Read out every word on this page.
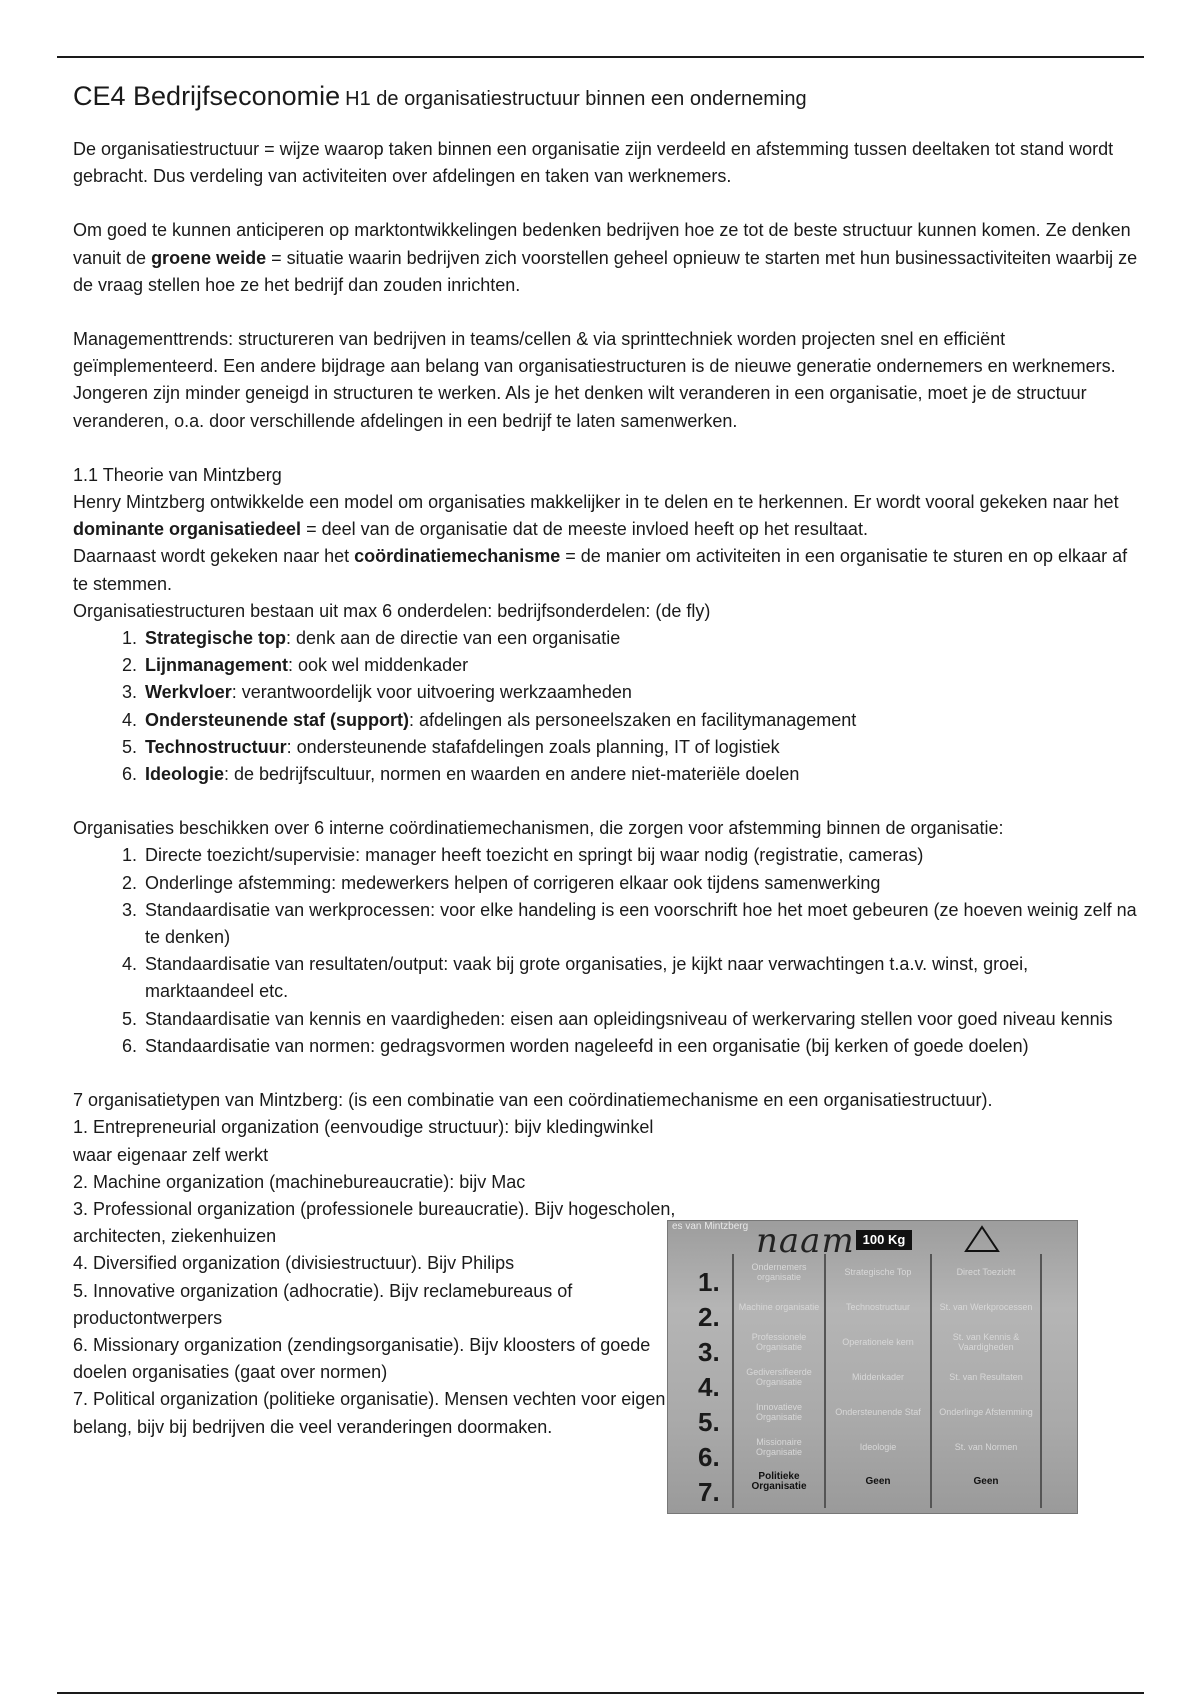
CE4 Bedrijfseconomie H1 de organisatiestructuur binnen een onderneming

De organisatiestructuur = wijze waarop taken binnen een organisatie zijn verdeeld en afstemming tussen deeltaken tot stand wordt gebracht. Dus verdeling van activiteiten over afdelingen en taken van werknemers.

Om goed te kunnen anticiperen op marktontwikkelingen bedenken bedrijven hoe ze tot de beste structuur kunnen komen. Ze denken vanuit de groene weide = situatie waarin bedrijven zich voorstellen geheel opnieuw te starten met hun businessactiviteiten waarbij ze de vraag stellen hoe ze het bedrijf dan zouden inrichten.

Managementtrends: structureren van bedrijven in teams/cellen & via sprinttechniek worden projecten snel en efficiënt geïmplementeerd. Een andere bijdrage aan belang van organisatiestructuren is de nieuwe generatie ondernemers en werknemers. Jongeren zijn minder geneigd in structuren te werken. Als je het denken wilt veranderen in een organisatie, moet je de structuur veranderen, o.a. door verschillende afdelingen in een bedrijf te laten samenwerken.

1.1 Theorie van Mintzberg

Henry Mintzberg ontwikkelde een model om organisaties makkelijker in te delen en te herkennen. Er wordt vooral gekeken naar het dominante organisatiedeel = deel van de organisatie dat de meeste invloed heeft op het resultaat.

Daarnaast wordt gekeken naar het coördinatiemechanisme = de manier om activiteiten in een organisatie te sturen en op elkaar af te stemmen.

Organisatiestructuren bestaan uit max 6 onderdelen: bedrijfsonderdelen: (de fly)

1. Strategische top: denk aan de directie van een organisatie
2. Lijnmanagement: ook wel middenkader
3. Werkvloer: verantwoordelijk voor uitvoering werkzaamheden
4. Ondersteunende staf (support): afdelingen als personeelszaken en facilitymanagement
5. Technostructuur: ondersteunende stafafdelingen zoals planning, IT of logistiek
6. Ideologie: de bedrijfscultuur, normen en waarden en andere niet-materiële doelen

Organisaties beschikken over 6 interne coördinatiemechanismen, die zorgen voor afstemming binnen de organisatie:

1. Directe toezicht/supervisie: manager heeft toezicht en springt bij waar nodig (registratie, cameras)
2. Onderlinge afstemming: medewerkers helpen of corrigeren elkaar ook tijdens samenwerking
3. Standaardisatie van werkprocessen: voor elke handeling is een voorschrift hoe het moet gebeuren (ze hoeven weinig zelf na te denken)
4. Standaardisatie van resultaten/output: vaak bij grote organisaties, je kijkt naar verwachtingen t.a.v. winst, groei, marktaandeel etc.
5. Standaardisatie van kennis en vaardigheden: eisen aan opleidingsniveau of werkervaring stellen voor goed niveau kennis
6. Standaardisatie van normen: gedragsvormen worden nageleefd in een organisatie (bij kerken of goede doelen)

7 organisatietypen van Mintzberg: (is een combinatie van een coördinatiemechanisme en een organisatiestructuur).

1. Entrepreneurial organization (eenvoudige structuur): bijv kledingwinkel waar eigenaar zelf werkt

2. Machine organization (machinebureaucratie): bijv Mac

3. Professional organization (professionele bureaucratie). Bijv hogescholen, architecten, ziekenhuizen

4. Diversified organization (divisiestructuur). Bijv Philips

5. Innovative organization (adhocratie). Bijv reclamebureaus of productontwerpers

6. Missionary organization (zendingsorganisatie). Bijv kloosters of goede doelen organisaties (gaat over normen)

7. Political organization (politieke organisatie). Mensen vechten voor eigen belang, bijv bij bedrijven die veel veranderingen doormaken.

es van Mintzberg naam 100 Kg
1.
2.
3.
4.
5.
6.
7.
Ondernemers organisatie
Machine organisatie
Professionele Organisatie
Gediversifieerde Organisatie
Innovatieve Organisatie
Missionaire Organisatie
Politieke Organisatie
Strategische Top
Technostructuur
Operationele kern
Middenkader
Ondersteunende Staf
Ideologie
Geen
Direct Toezicht
St. van Werkprocessen
St. van Kennis & Vaardigheden
St. van Resultaten
Onderlinge Afstemming
St. van Normen
Geen
